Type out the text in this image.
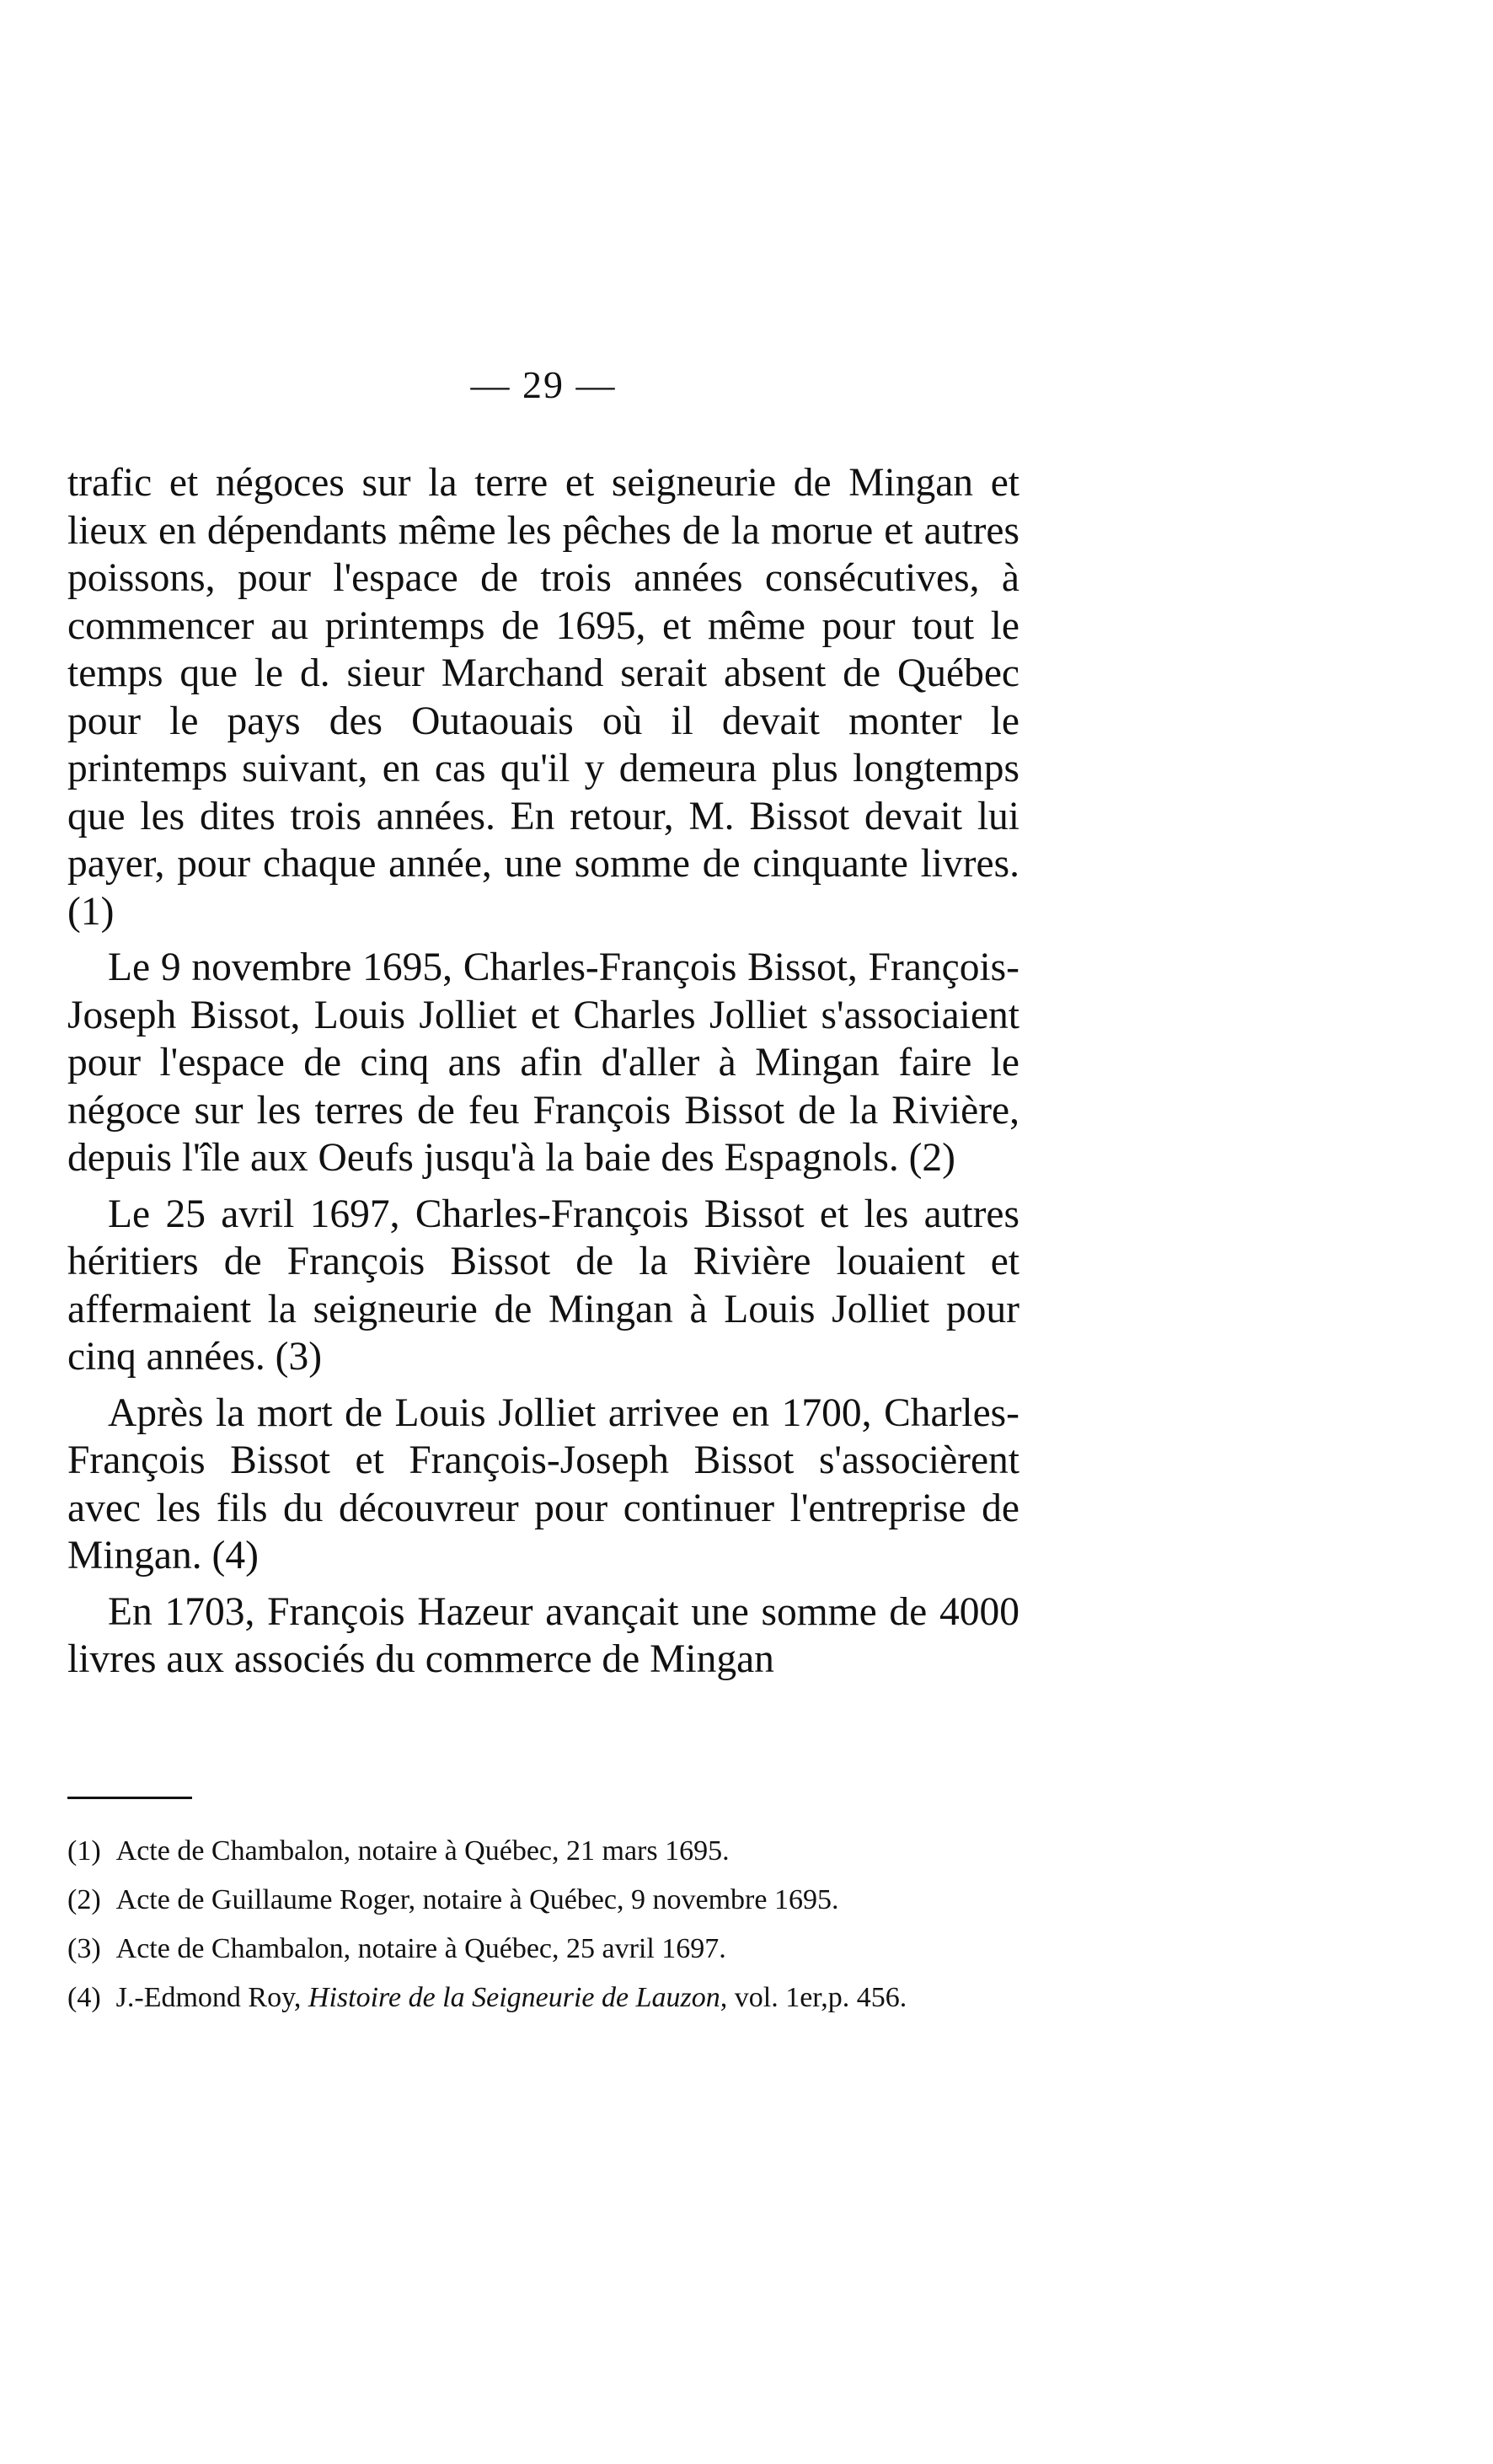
— 29 —

trafic et négoces sur la terre et seigneurie de Mingan et lieux en dépendants même les pêches de la morue et autres poissons, pour l'espace de trois années consécutives, à commencer au printemps de 1695, et même pour tout le temps que le d. sieur Marchand serait absent de Québec pour le pays des Outaouais où il devait monter le printemps suivant, en cas qu'il y demeura plus longtemps que les dites trois années. En retour, M. Bissot devait lui payer, pour chaque année, une somme de cinquante livres. (1)

Le 9 novembre 1695, Charles-François Bissot, François-Joseph Bissot, Louis Jolliet et Charles Jolliet s'associaient pour l'espace de cinq ans afin d'aller à Mingan faire le négoce sur les terres de feu François Bissot de la Rivière, depuis l'île aux Oeufs jusqu'à la baie des Espagnols. (2)

Le 25 avril 1697, Charles-François Bissot et les autres héritiers de François Bissot de la Rivière louaient et affermaient la seigneurie de Mingan à Louis Jolliet pour cinq années. (3)

Après la mort de Louis Jolliet arrivee en 1700, Charles-François Bissot et François-Joseph Bissot s'associèrent avec les fils du découvreur pour continuer l'entreprise de Mingan. (4)

En 1703, François Hazeur avançait une somme de 4000 livres aux associés du commerce de Mingan

(1) Acte de Chambalon, notaire à Québec, 21 mars 1695.

(2) Acte de Guillaume Roger, notaire à Québec, 9 novembre 1695.

(3) Acte de Chambalon, notaire à Québec, 25 avril 1697.

(4) J.-Edmond Roy, Histoire de la Seigneurie de Lauzon, vol. 1er,p. 456.
